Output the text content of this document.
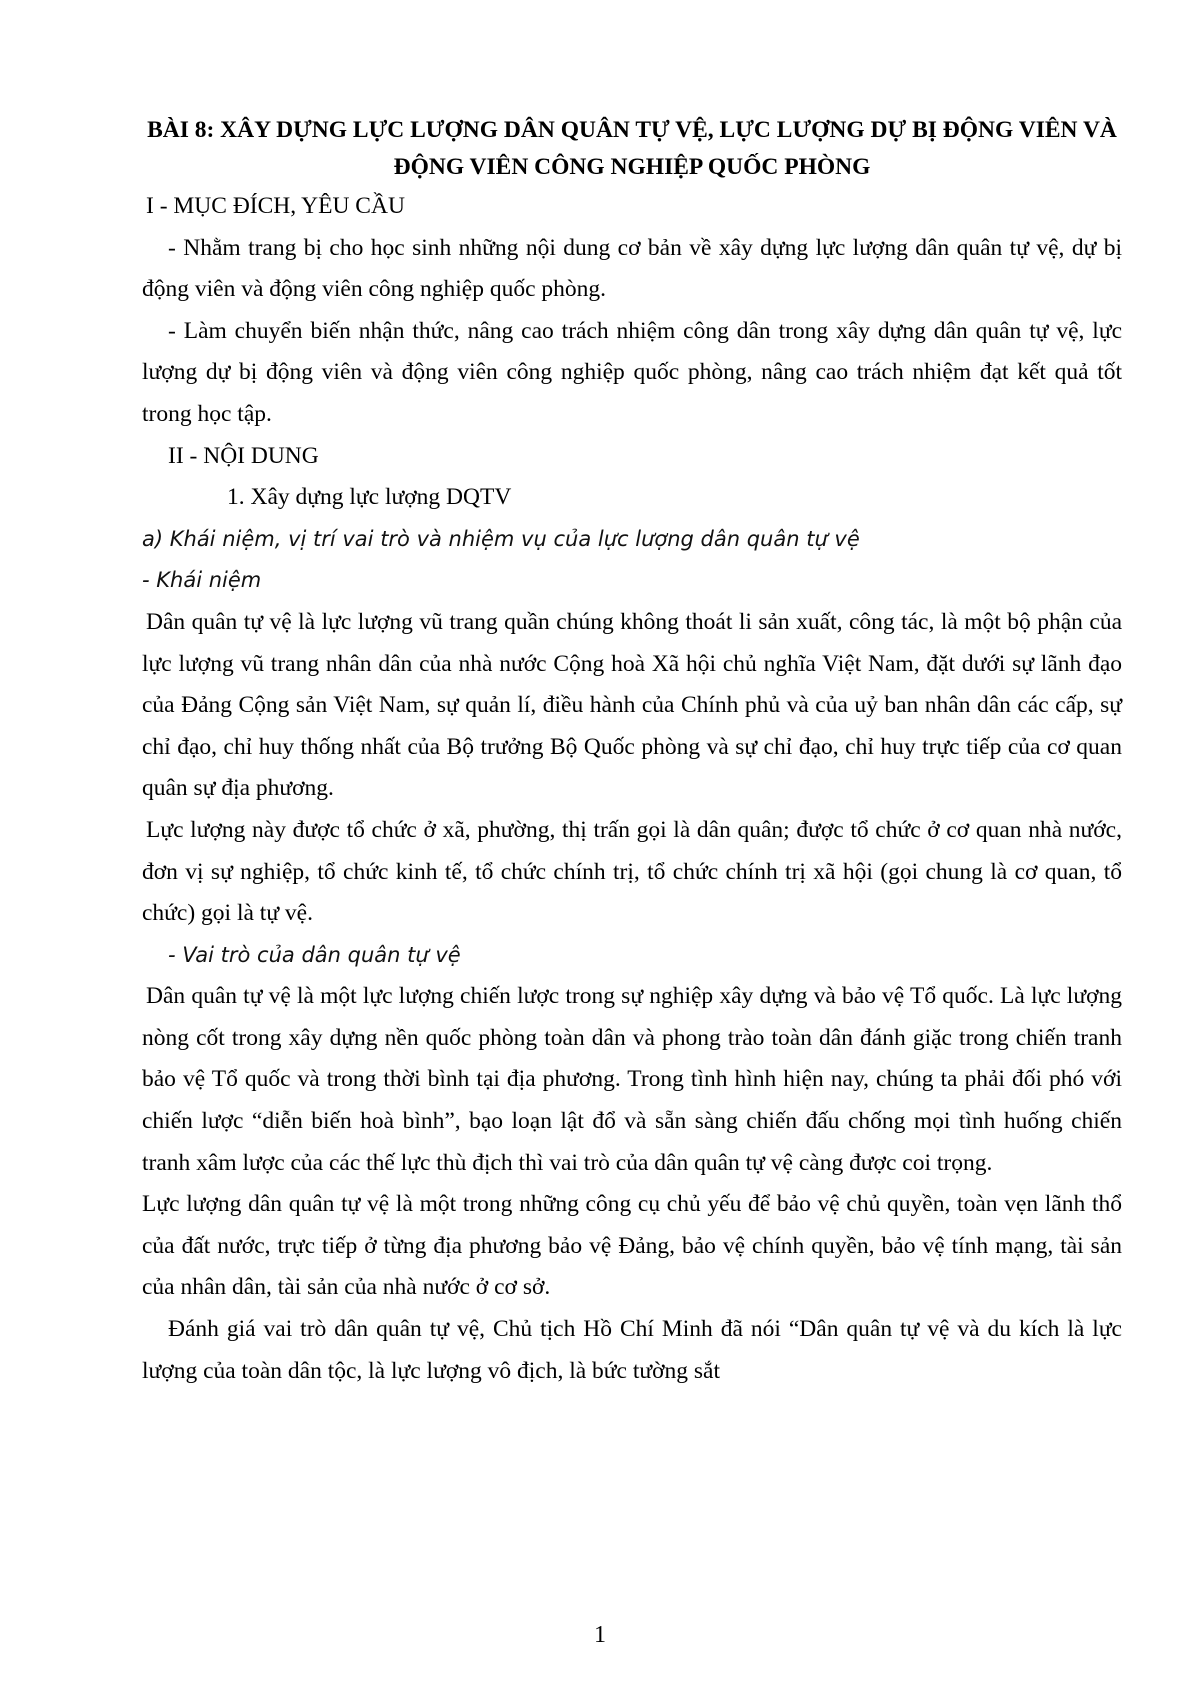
BÀI 8: XÂY DỰNG LỰC LƯỢNG DÂN QUÂN TỰ VỆ, LỰC LƯỢNG DỰ BỊ ĐỘNG VIÊN VÀ ĐỘNG VIÊN CÔNG NGHIỆP QUỐC PHÒNG

I - MỤC ĐÍCH, YÊU CẦU

- Nhằm trang bị cho học sinh những nội dung cơ bản về xây dựng lực lượng dân quân tự vệ, dự bị động viên và động viên công nghiệp quốc phòng.

- Làm chuyển biến nhận thức, nâng cao trách nhiệm công dân trong xây dựng dân quân tự vệ, lực lượng dự bị động viên và động viên công nghiệp quốc phòng, nâng cao trách nhiệm đạt kết quả tốt trong học tập.

II - NỘI DUNG

1. Xây dựng lực lượng DQTV

a) Khái niệm, vị trí vai trò và nhiệm vụ của lực lượng dân quân tự vệ

- Khái niệm

Dân quân tự vệ là lực lượng vũ trang quần chúng không thoát li sản xuất, công tác, là một bộ phận của lực lượng vũ trang nhân dân của nhà nước Cộng hoà Xã hội chủ nghĩa Việt Nam, đặt dưới sự lãnh đạo của Đảng Cộng sản Việt Nam, sự quản lí, điều hành của Chính phủ và của uỷ ban nhân dân các cấp, sự chỉ đạo, chỉ huy thống nhất của Bộ trưởng Bộ Quốc phòng và sự chỉ đạo, chỉ huy trực tiếp của cơ quan quân sự địa phương.

Lực lượng này được tổ chức ở xã, phường, thị trấn gọi là dân quân; được tổ chức ở cơ quan nhà nước, đơn vị sự nghiệp, tổ chức kinh tế, tổ chức chính trị, tổ chức chính trị xã hội (gọi chung là cơ quan, tổ chức) gọi là tự vệ.

- Vai trò của dân quân tự vệ

Dân quân tự vệ là một lực lượng chiến lược trong sự nghiệp xây dựng và bảo vệ Tổ quốc. Là lực lượng nòng cốt trong xây dựng nền quốc phòng toàn dân và phong trào toàn dân đánh giặc trong chiến tranh bảo vệ Tổ quốc và trong thời bình tại địa phương. Trong tình hình hiện nay, chúng ta phải đối phó với chiến lược “diễn biến hoà bình”, bạo loạn lật đổ và sẵn sàng chiến đấu chống mọi tình huống chiến tranh xâm lược của các thế lực thù địch thì vai trò của dân quân tự vệ càng được coi trọng.

Lực lượng dân quân tự vệ là một trong những công cụ chủ yếu để bảo vệ chủ quyền, toàn vẹn lãnh thổ của đất nước, trực tiếp ở từng địa phương bảo vệ Đảng, bảo vệ chính quyền, bảo vệ tính mạng, tài sản của nhân dân, tài sản của nhà nước ở cơ sở.

Đánh giá vai trò dân quân tự vệ, Chủ tịch Hồ Chí Minh đã nói “Dân quân tự vệ và du kích là lực lượng của toàn dân tộc, là lực lượng vô địch, là bức tường sắt

1
